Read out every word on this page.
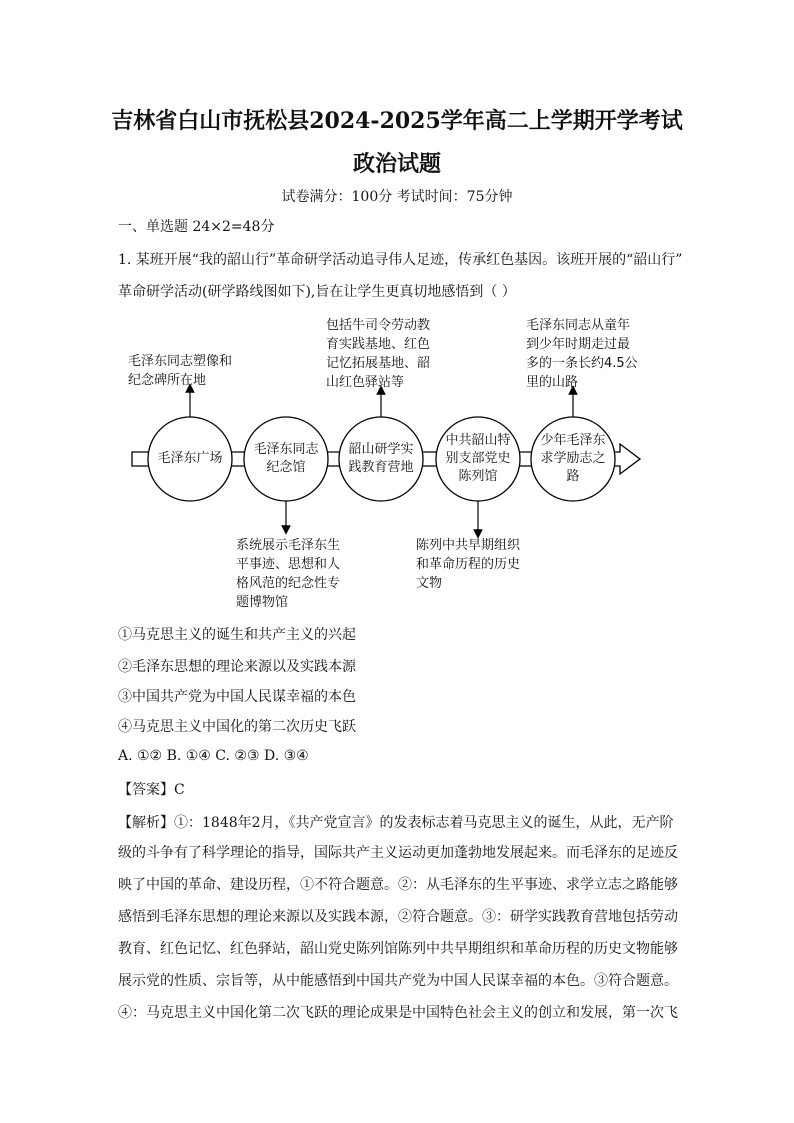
吉林省白山市抚松县2024-2025学年高二上学期开学考试
政治试题
试卷满分：100分 考试时间：75分钟
一、单选题 24×2=48分
1. 某班开展“我的韶山行”革命研学活动追寻伟人足迹，传承红色基因。该班开展的“韶山行”
革命研学活动(研学路线图如下),旨在让学生更真切地感悟到（ ）
毛泽东广场
毛泽东同志
纪念馆
韶山研学实
践教育营地
中共韶山特
别支部党史
陈列馆
少年毛泽东
求学励志之
路
毛泽东同志塑像和
纪念碑所在地
系统展示毛泽东生
平事迹、思想和人
格风范的纪念性专
题博物馆
包括牛司令劳动教
育实践基地、红色
记忆拓展基地、韶
山红色驿站等
陈列中共早期组织
和革命历程的历史
文物
毛泽东同志从童年
到少年时期走过最
多的一条长约4.5公
里的山路
①马克思主义的诞生和共产主义的兴起
②毛泽东思想的理论来源以及实践本源
③中国共产党为中国人民谋幸福的本色
④马克思主义中国化的第二次历史飞跃
A. ①② B. ①④ C. ②③ D. ③④
【答案】C
【解析】①：1848年2月，《共产党宣言》的发表标志着马克思主义的诞生，从此，无产阶
级的斗争有了科学理论的指导，国际共产主义运动更加蓬勃地发展起来。而毛泽东的足迹反
映了中国的革命、建设历程，①不符合题意。②：从毛泽东的生平事迹、求学立志之路能够
感悟到毛泽东思想的理论来源以及实践本源，②符合题意。③：研学实践教育营地包括劳动
教育、红色记忆、红色驿站，韶山党史陈列馆陈列中共早期组织和革命历程的历史文物能够
展示党的性质、宗旨等，从中能感悟到中国共产党为中国人民谋幸福的本色。③符合题意。
④：马克思主义中国化第二次飞跃的理论成果是中国特色社会主义的创立和发展，第一次飞
